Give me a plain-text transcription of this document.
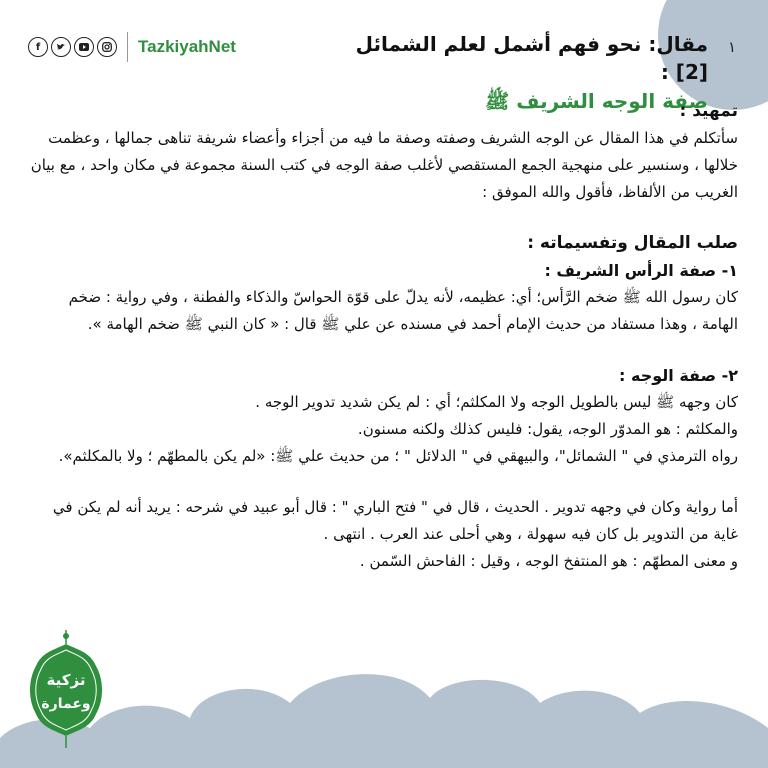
١
مقال: نحو فهم أشمل لعلم الشمائل [2] :
صفة الوجه الشريف ﷺ
f	TazkiyahNet

تمهيد :

سأتكلم في هذا المقال عن الوجه الشريف وصفته وصفة ما فيه من أجزاء وأعضاء شريفة تناهى جمالها ، وعظمت خلالها ، وسنسير على منهجية الجمع المستقصي لأغلب صفة الوجه في كتب السنة مجموعة في مكان واحد ، مع بيان الغريب من الألفاظ، فأقول والله الموفق :

صلب المقال وتفسيماته :

١- صفة الرأس الشريف :

كان رسول الله ﷺ ضخم الرَّأس؛ أي: عظيمه، لأنه يدلّ على قوّة الحواسّ والذكاء والفطنة ، وفي رواية : ضخم الهامة ، وهذا مستفاد من حديث الإمام أحمد في مسنده عن علي ﷺ قال : « كان النبي ﷺ ضخم الهامة ».

٢- صفة الوجه :

كان وجهه ﷺ ليس بالطويل الوجه ولا المكلثم؛ أي : لم يكن شديد تدوير الوجه .

والمكلثم : هو المدوّر الوجه، يقول: فليس كذلك ولكنه مسنون.

رواه الترمذي في " الشمائل"، والبيهقي في " الدلائل " ؛ من حديث علي ﷺ: «لم يكن بالمطهّم ؛ ولا بالمكلثم».

أما رواية وكان في وجهه تدوير . الحديث ، قال في " فتح الباري " : قال أبو عبيد في شرحه : يريد أنه لم يكن في غاية من التدوير بل كان فيه سهولة ، وهي أحلى عند العرب . انتهى .

و معنى المطهّم : هو المنتفخ الوجه ، وقيل : الفاحش السّمن .

تزكية
وعمارة
